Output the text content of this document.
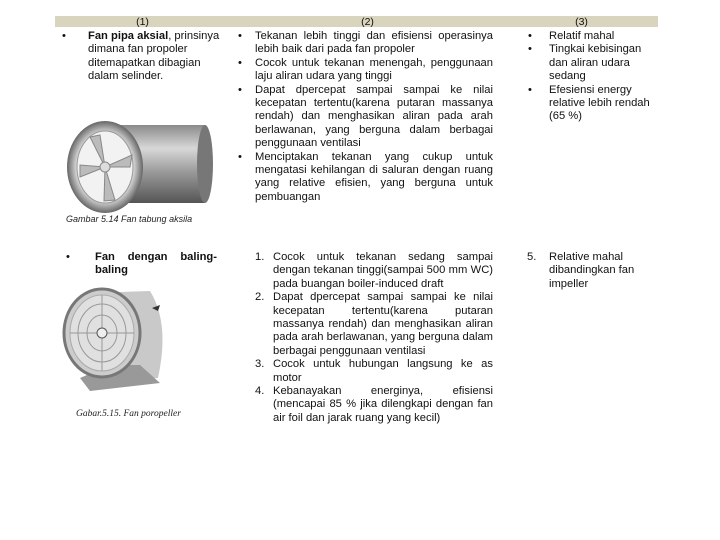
(1)	(2)	(3)
• Fan pipa aksial, prinsinya dimana fan propoler ditemapatkan dibagian dalam selinder.
Gambar 5.14 Fan tabung aksila
• Fan dengan baling-baling
Gabar.5.15. Fan poropeller
• Tekanan lebih tinggi dan efisiensi operasinya lebih baik dari pada fan propoler
• Cocok untuk tekanan menengah, penggunaan laju aliran udara yang tinggi
• Dapat dpercepat sampai sampai ke nilai kecepatan tertentu(karena putaran massanya rendah) dan menghasikan aliran pada arah berlawanan, yang berguna dalam berbagai penggunaan ventilasi
• Menciptakan tekanan yang cukup untuk mengatasi kehilangan di saluran dengan ruang yang relative efisien, yang berguna untuk pembuangan
1. Cocok untuk tekanan sedang sampai dengan tekanan tinggi(sampai 500 mm WC) pada buangan boiler-induced draft
2. Dapat dpercepat sampai sampai ke nilai kecepatan tertentu(karena putaran massanya rendah) dan menghasikan aliran pada arah berlawanan, yang berguna dalam berbagai penggunaan ventilasi
3. Cocok untuk hubungan langsung ke as motor
4. Kebanayakan energinya, efisiensi (mencapai 85 % jika dilengkapi dengan fan air foil dan jarak ruang yang kecil)
• Relatif mahal
• Tingkai kebisingan dan aliran udara sedang
• Efesiensi energy relative lebih rendah (65 %)
5. Relative mahal dibandingkan fan impeller
